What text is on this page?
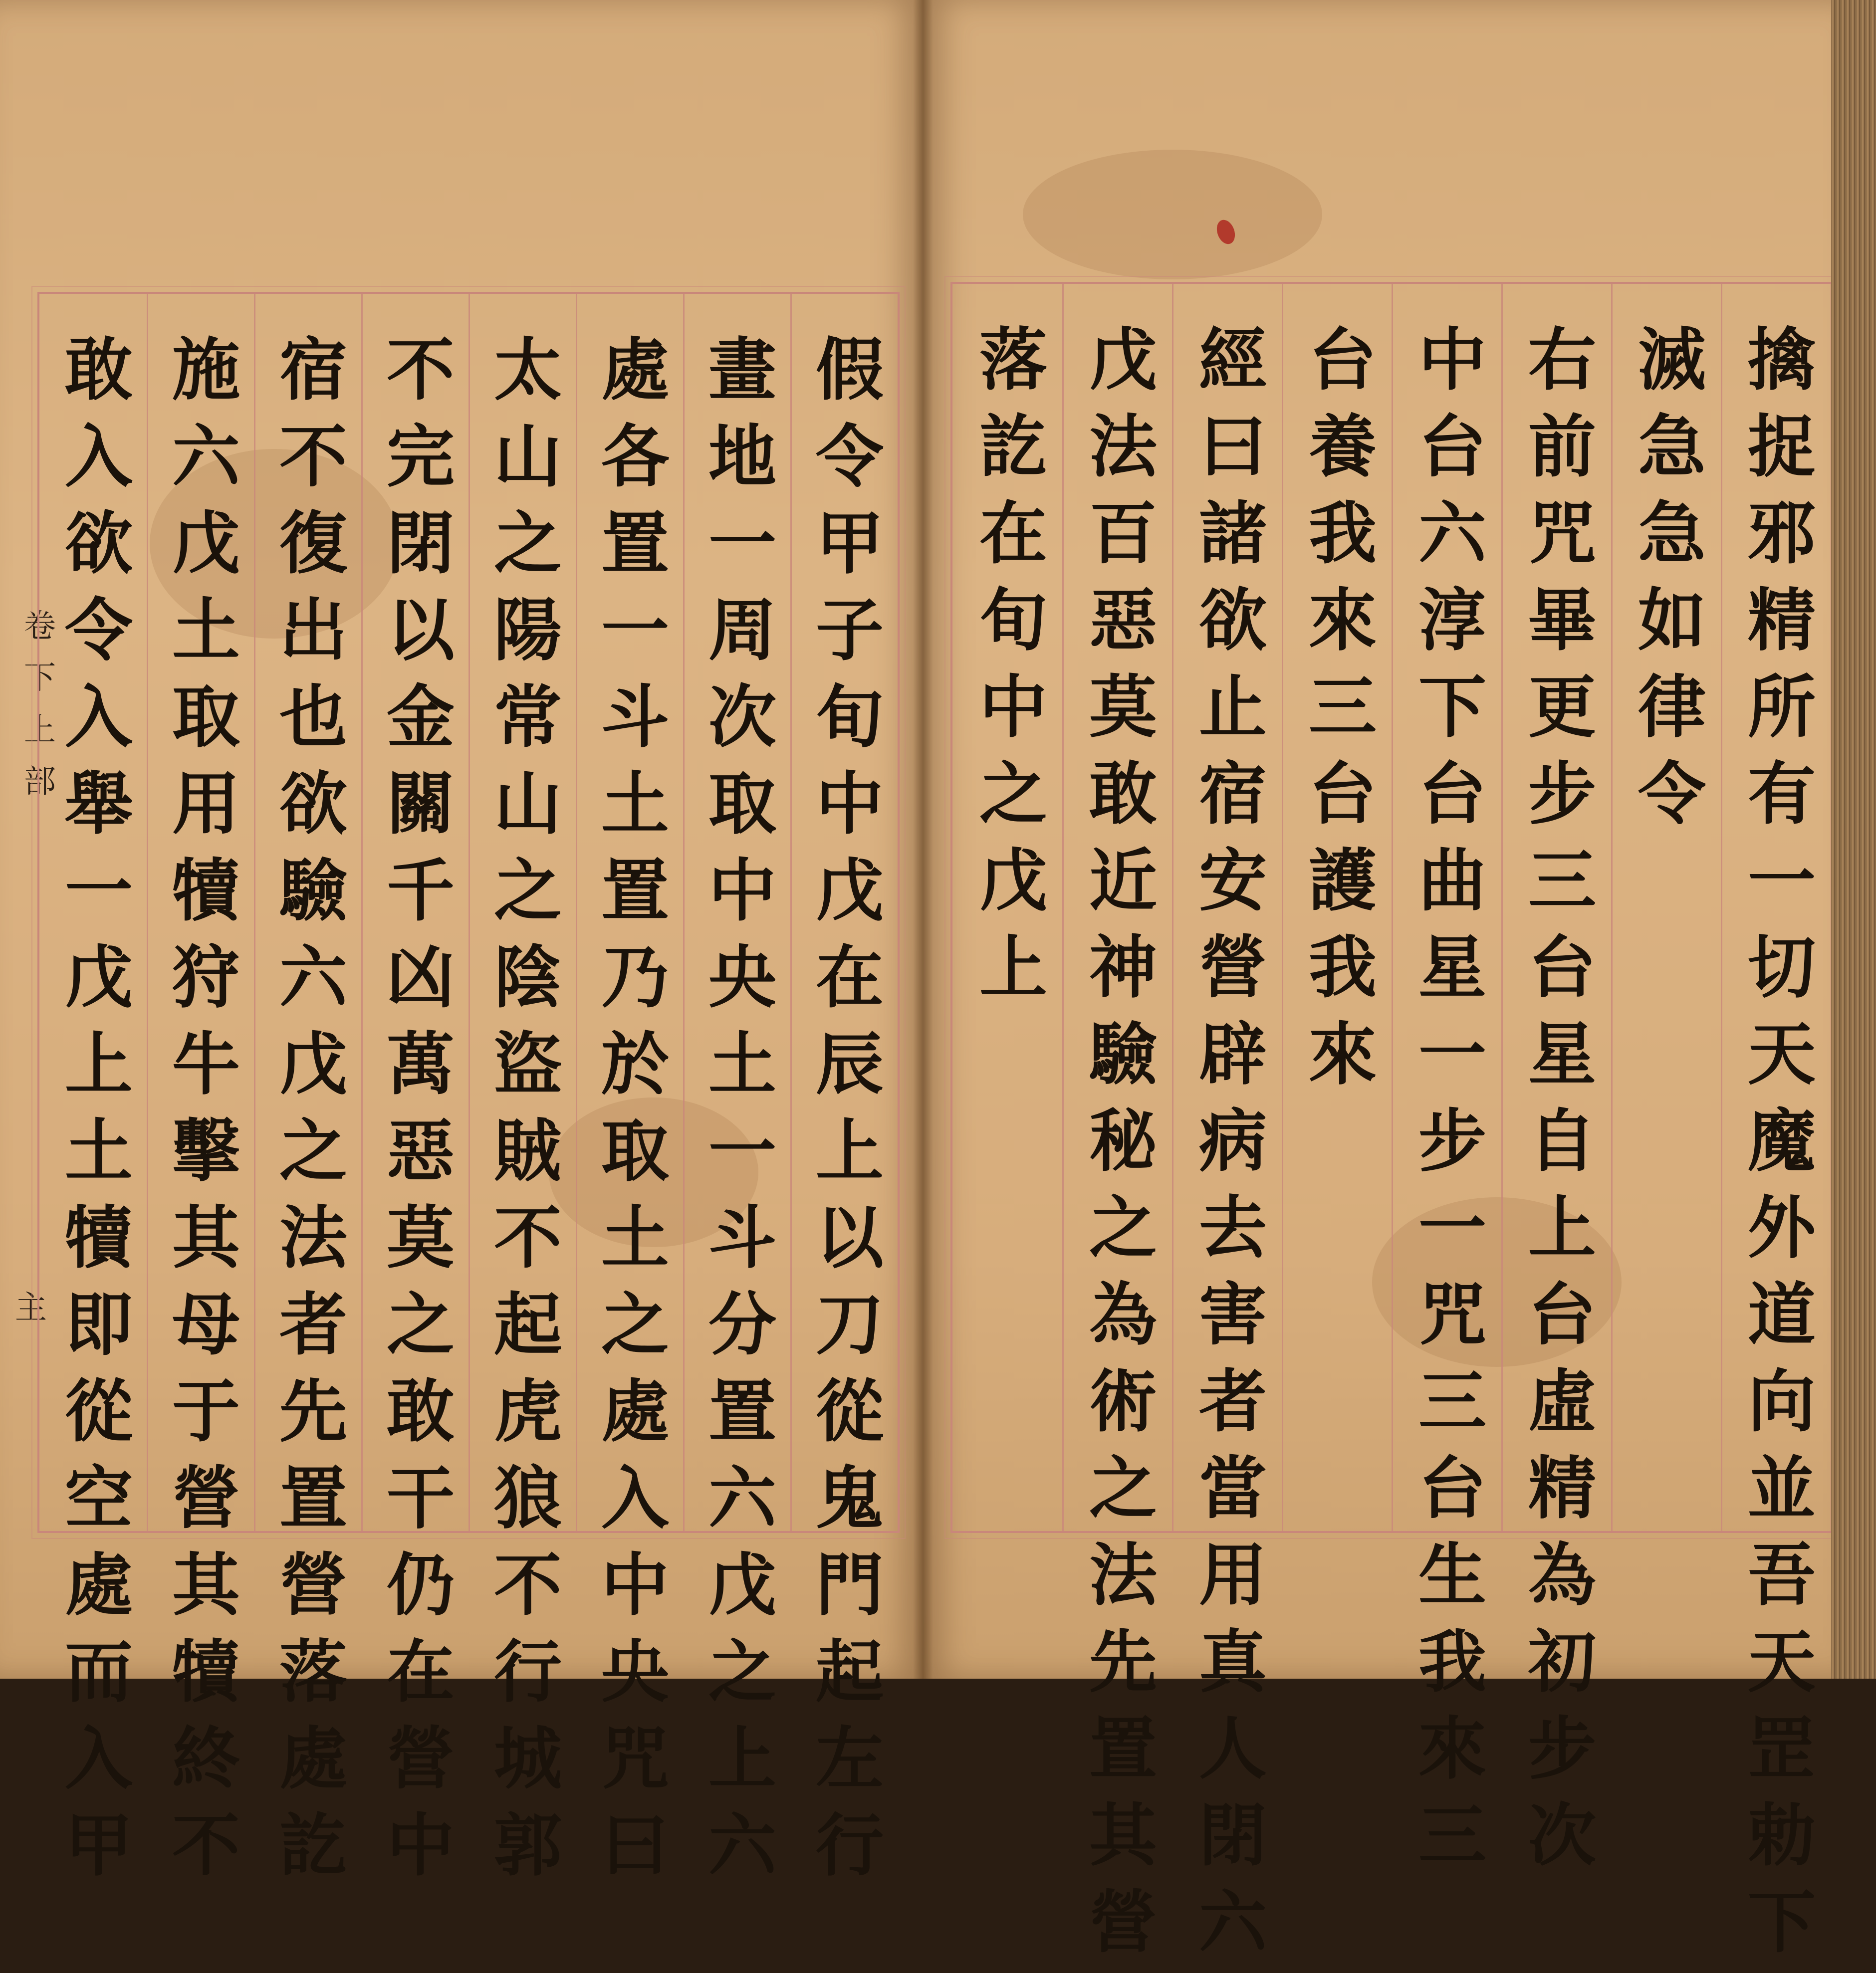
卷下上部
主	假令甲子旬中戊在辰上以刀從鬼門起左行
畫地一周次取中央土一斗分置六戊之上六
處各置一斗土置乃於取土之處入中央咒曰
太山之陽常山之陰盜賊不起虎狼不行城郭
不完閉以金關千凶萬惡莫之敢干仍在營中
宿不復出也欲驗六戊之法者先置營落處訖
施六戊土取用犢狩牛擊其母于營其犢終不
敢入欲令入舉一戊上土犢即從空處而入甲	擒捉邪精所有一切天魔外道向並吾天罡勅下
滅急急如律令
右前咒畢更步三台星自上台虛精為初步次
中台六淳下台曲星一步一咒三台生我來三
台養我來三台護我來
經曰諸欲止宿安營辟病去害者當用真人閉六
戊法百惡莫敢近神驗秘之為術之法先置其營
落訖在旬中之戊上
